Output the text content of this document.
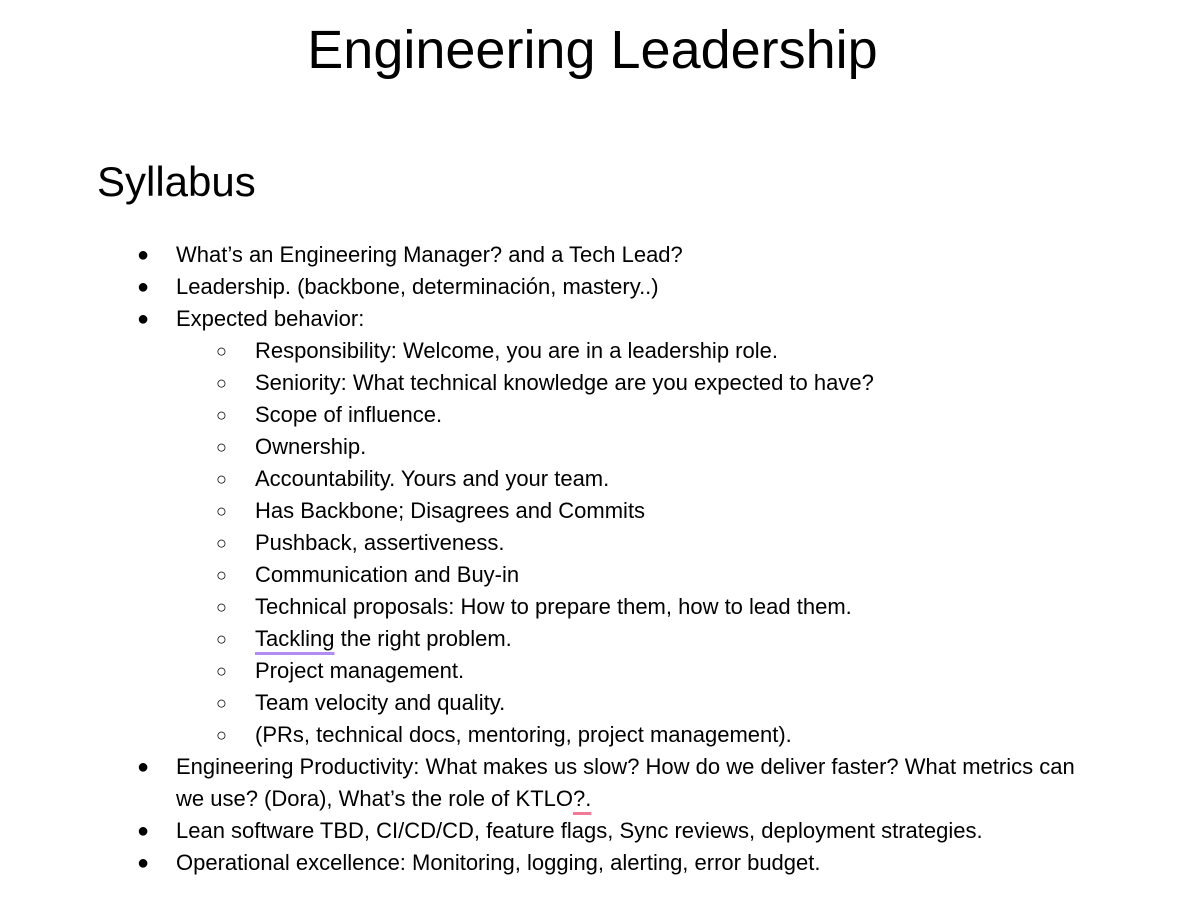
Engineering Leadership
Syllabus
●	What’s an Engineering Manager? and a Tech Lead?
●	Leadership. (backbone, determinación, mastery..)
●	Expected behavior:
○	Responsibility: Welcome, you are in a leadership role.
○	Seniority: What technical knowledge are you expected to have?
○	Scope of influence.
○	Ownership.
○	Accountability. Yours and your team.
○	Has Backbone; Disagrees and Commits
○	Pushback, assertiveness.
○	Communication and Buy-in
○	Technical proposals: How to prepare them, how to lead them.
○	Tackling the right problem.
○	Project management.
○	Team velocity and quality.
○	(PRs, technical docs, mentoring, project management).
●	Engineering Productivity: What makes us slow? How do we deliver faster? What metrics can we use? (Dora), What’s the role of KTLO?.
●	Lean software TBD, CI/CD/CD, feature flags, Sync reviews, deployment strategies.
●	Operational excellence: Monitoring, logging, alerting, error budget.
